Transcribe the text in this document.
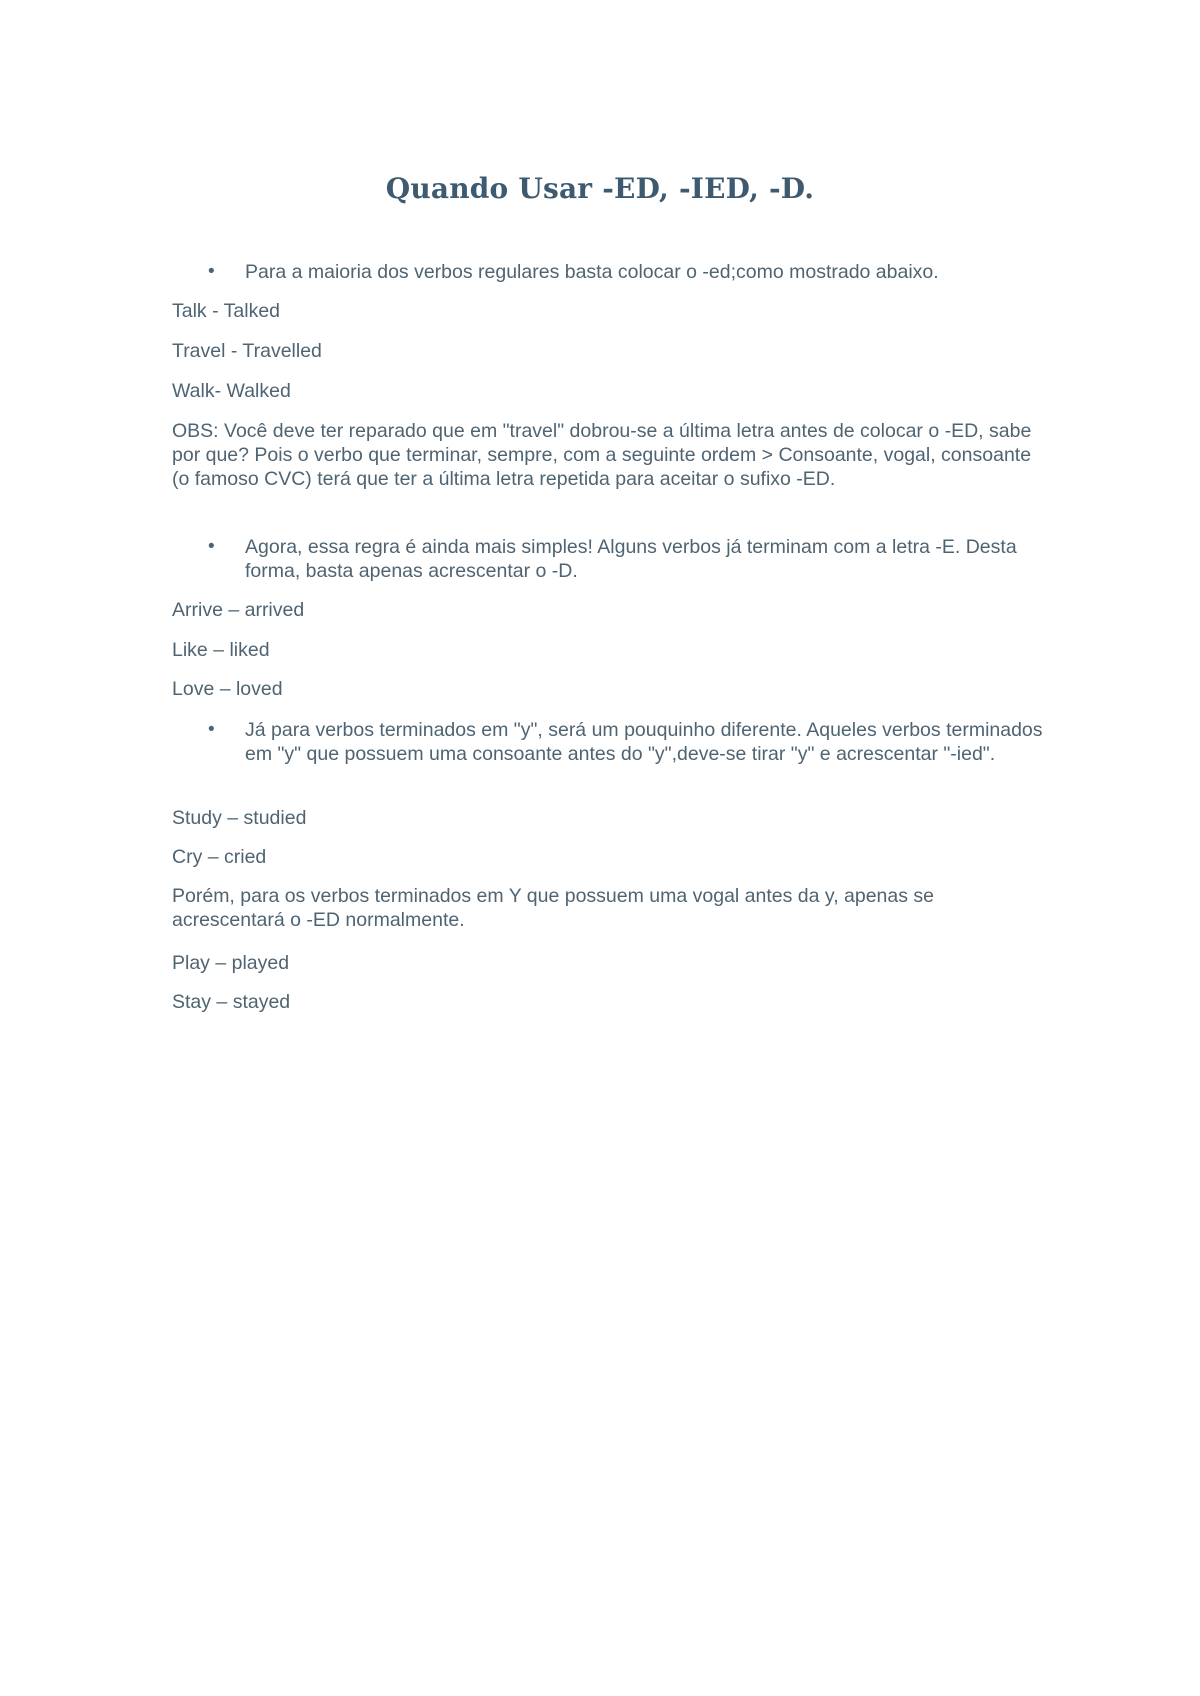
Quando Usar -ED, -IED, -D.
•	Para a maioria dos verbos regulares basta colocar o -ed;como mostrado abaixo.
Talk - Talked
Travel - Travelled
Walk- Walked
OBS: Você deve ter reparado que em "travel" dobrou-se a última letra antes de colocar o -ED, sabe por que? Pois o verbo que terminar, sempre, com a seguinte ordem > Consoante, vogal, consoante (o famoso CVC) terá que ter a última letra repetida para aceitar o sufixo -ED.
•	Agora, essa regra é ainda mais simples! Alguns verbos já terminam com a letra -E. Desta forma, basta apenas acrescentar o -D.
Arrive – arrived
Like – liked
Love – loved
•	Já para verbos terminados em "y", será um pouquinho diferente. Aqueles verbos terminados em "y" que possuem uma consoante antes do "y",deve-se tirar "y" e acrescentar "-ied".
Study – studied
Cry – cried
Porém, para os verbos terminados em Y que possuem uma vogal antes da y, apenas se acrescentará o -ED normalmente.
Play – played
Stay – stayed
